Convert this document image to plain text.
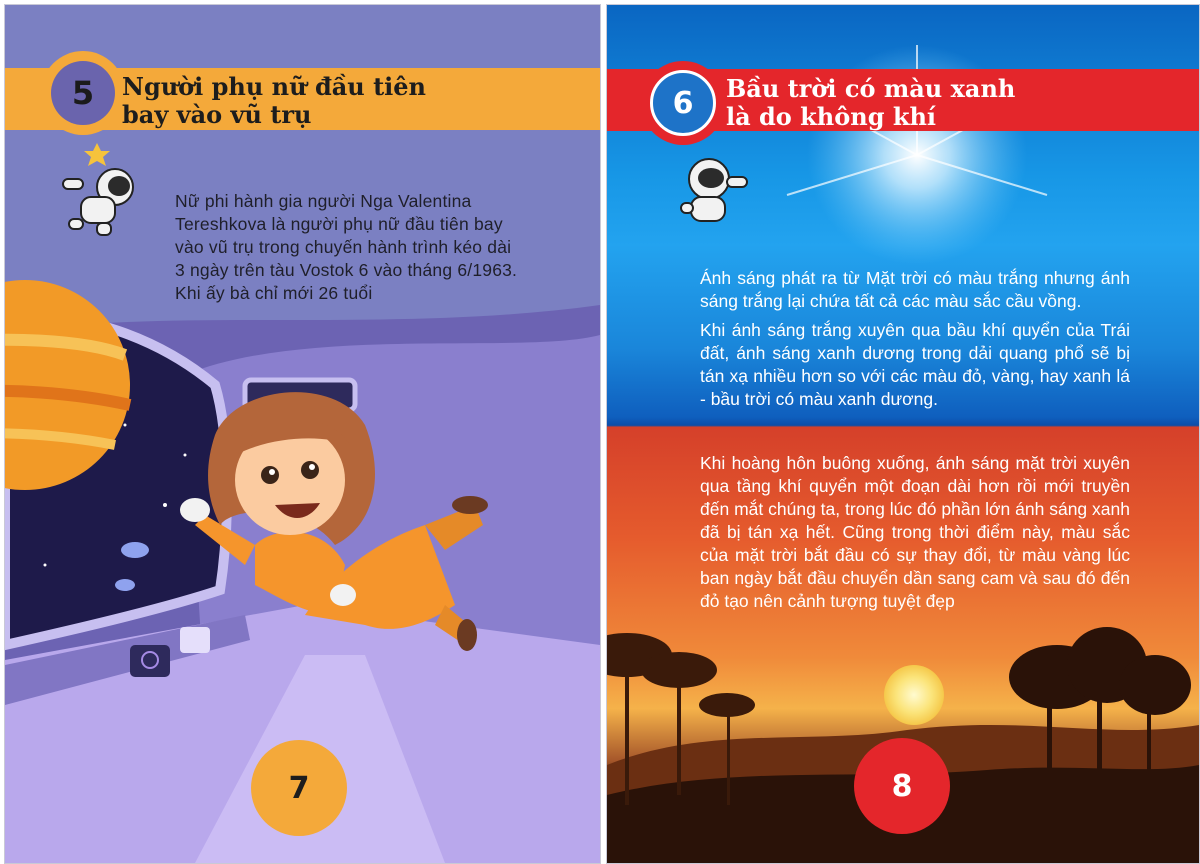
5 Người phụ nữ đầu tiên
bay vào vũ trụ
Nữ phi hành gia người Nga Valentina Tereshkova là người phụ nữ đầu tiên bay vào vũ trụ trong chuyến hành trình kéo dài 3 ngày trên tàu Vostok 6 vào tháng 6/1963. Khi ấy bà chỉ mới 26 tuổi
7
6 Bầu trời có màu xanh
là do không khí
Ánh sáng phát ra từ Mặt trời có màu trắng nhưng ánh sáng trắng lại chứa tất cả các màu sắc cầu vồng.
Khi ánh sáng trắng xuyên qua bầu khí quyển của Trái đất, ánh sáng xanh dương trong dải quang phổ sẽ bị tán xạ nhiều hơn so với các màu đỏ, vàng, hay xanh lá - bầu trời có màu xanh dương.
Khi hoàng hôn buông xuống, ánh sáng mặt trời xuyên qua tầng khí quyển một đoạn dài hơn rồi mới truyền đến mắt chúng ta, trong lúc đó phần lớn ánh sáng xanh đã bị tán xạ hết. Cũng trong thời điểm này, màu sắc của mặt trời bắt đầu có sự thay đổi, từ màu vàng lúc ban ngày bắt đầu chuyển dần sang cam và sau đó đến đỏ tạo nên cảnh tượng tuyệt đẹp
8
